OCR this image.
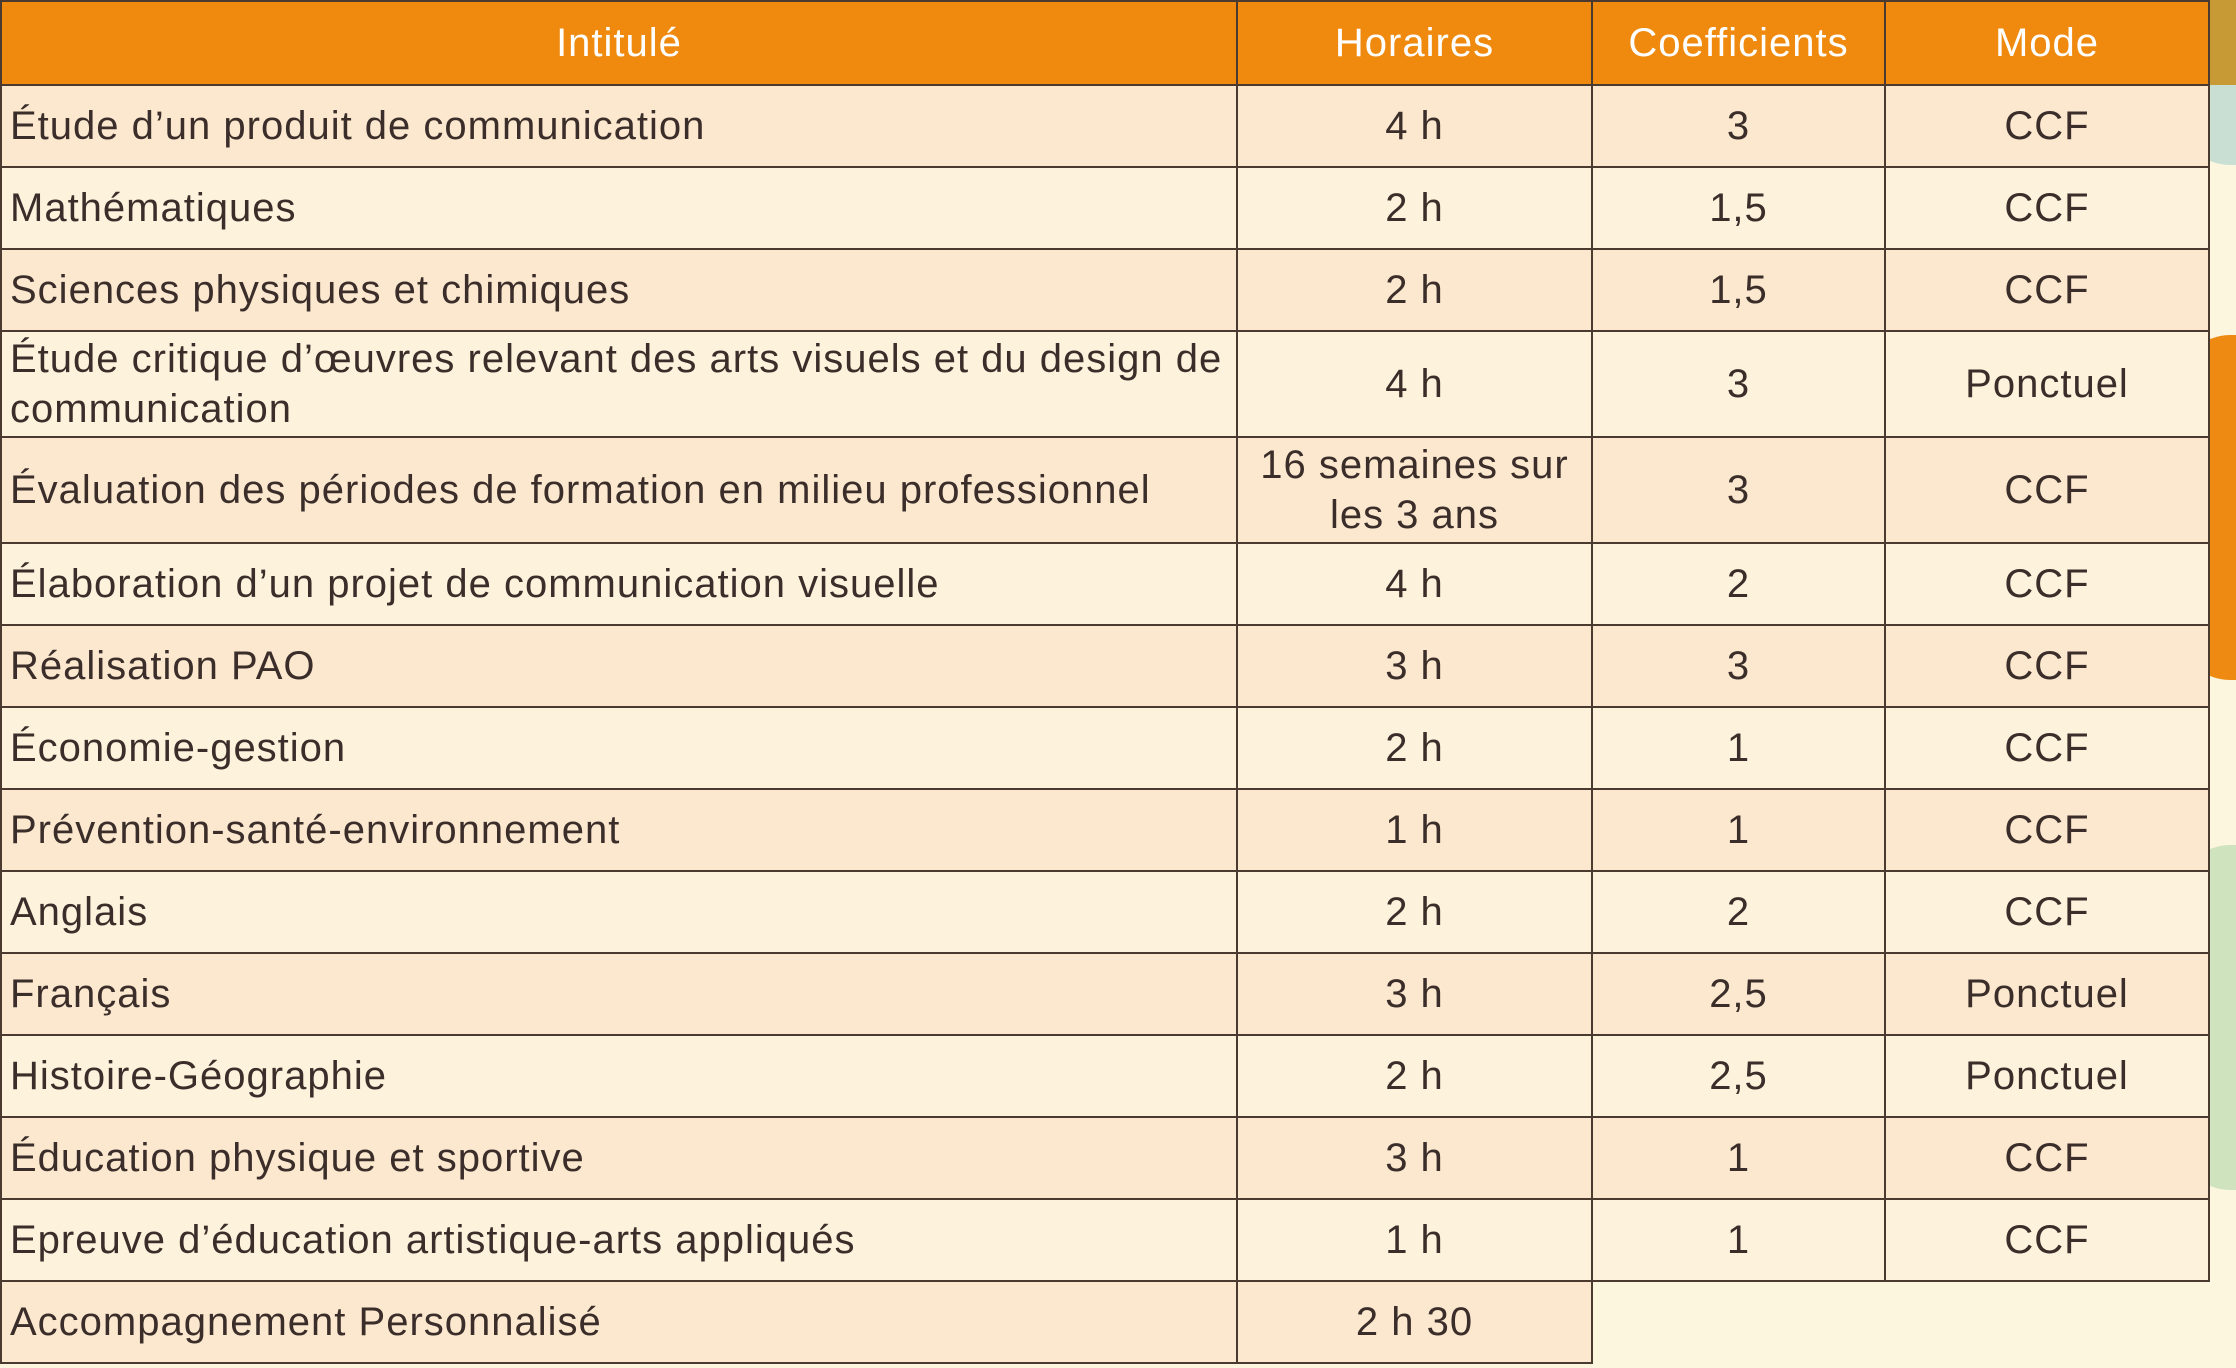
Intitulé	Horaires	Coefficients	Mode
Étude d’un produit de communication	4 h	3	CCF
Mathématiques	2 h	1,5	CCF
Sciences physiques et chimiques	2 h	1,5	CCF
Étude critique d’œuvres relevant des arts visuels et du design de communication	4 h	3	Ponctuel
Évaluation des périodes de formation en milieu professionnel	16 semaines sur les 3 ans	3	CCF
Élaboration d’un projet de communication visuelle	4 h	2	CCF
Réalisation PAO	3 h	3	CCF
Économie-gestion	2 h	1	CCF
Prévention-santé-environnement	1 h	1	CCF
Anglais	2 h	2	CCF
Français	3 h	2,5	Ponctuel
Histoire-Géographie	2 h	2,5	Ponctuel
Éducation physique et sportive	3 h	1	CCF
Epreuve d’éducation artistique-arts appliqués	1 h	1	CCF
Accompagnement Personnalisé	2 h 30		
